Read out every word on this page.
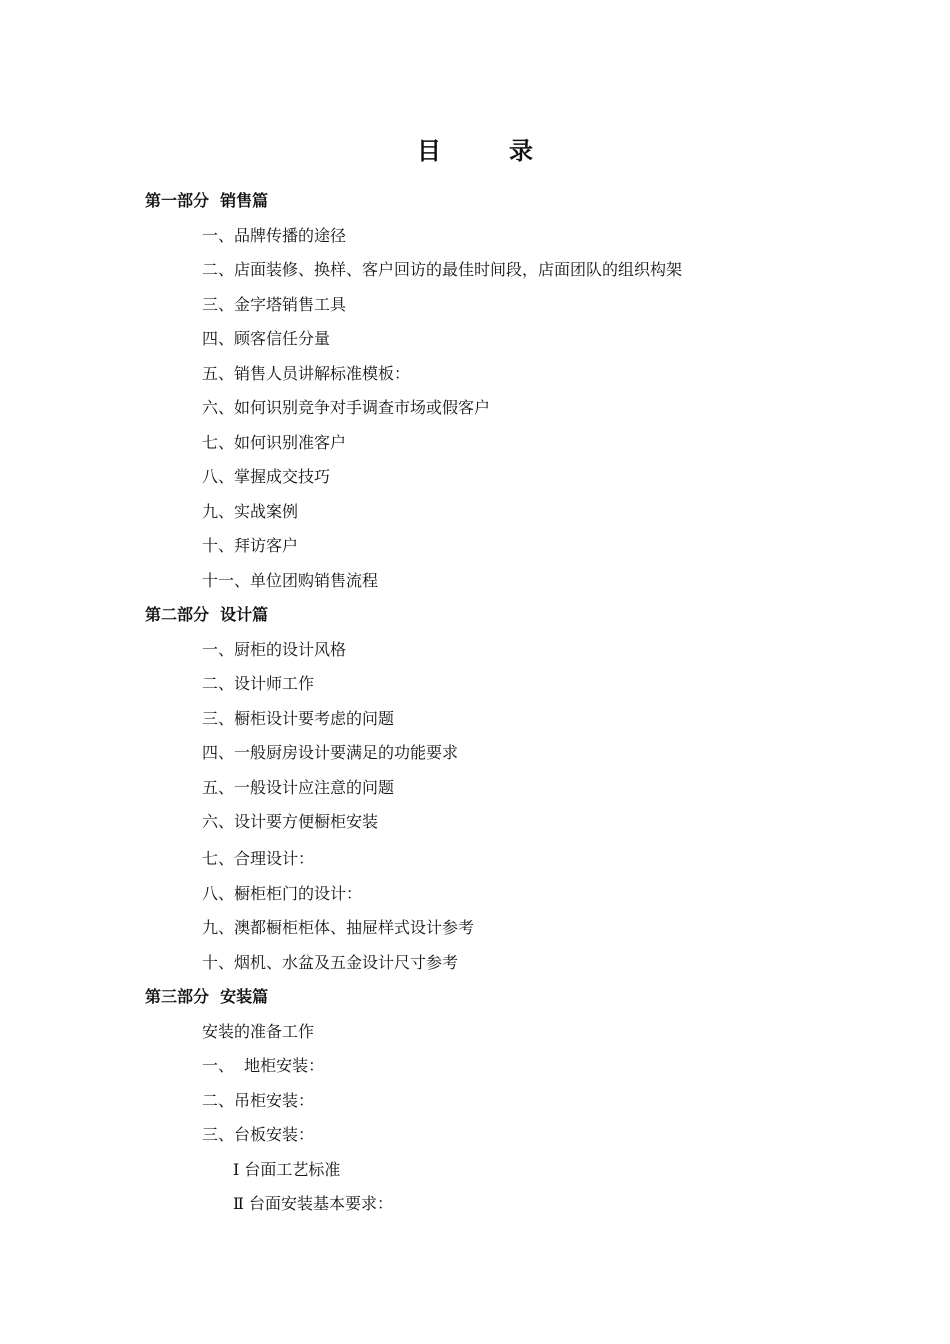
目　录
第一部分  销售篇
一、品牌传播的途径
二、店面装修、换样、客户回访的最佳时间段，店面团队的组织构架
三、金字塔销售工具
四、顾客信任分量
五、销售人员讲解标准模板：
六、如何识别竞争对手调查市场或假客户
七、如何识别准客户
八、掌握成交技巧
九、实战案例
十、拜访客户
十一、单位团购销售流程
第二部分  设计篇
一、厨柜的设计风格
二、设计师工作
三、橱柜设计要考虑的问题
四、一般厨房设计要满足的功能要求
五、一般设计应注意的问题
六、设计要方便橱柜安装
七、合理设计：
八、橱柜柜门的设计：
九、澳都橱柜柜体、抽屉样式设计参考
十、烟机、水盆及五金设计尺寸参考
第三部分  安装篇
安装的准备工作
一、  地柜安装：
二、吊柜安装：
三、台板安装：
Ⅰ 台面工艺标准
Ⅱ 台面安装基本要求：
